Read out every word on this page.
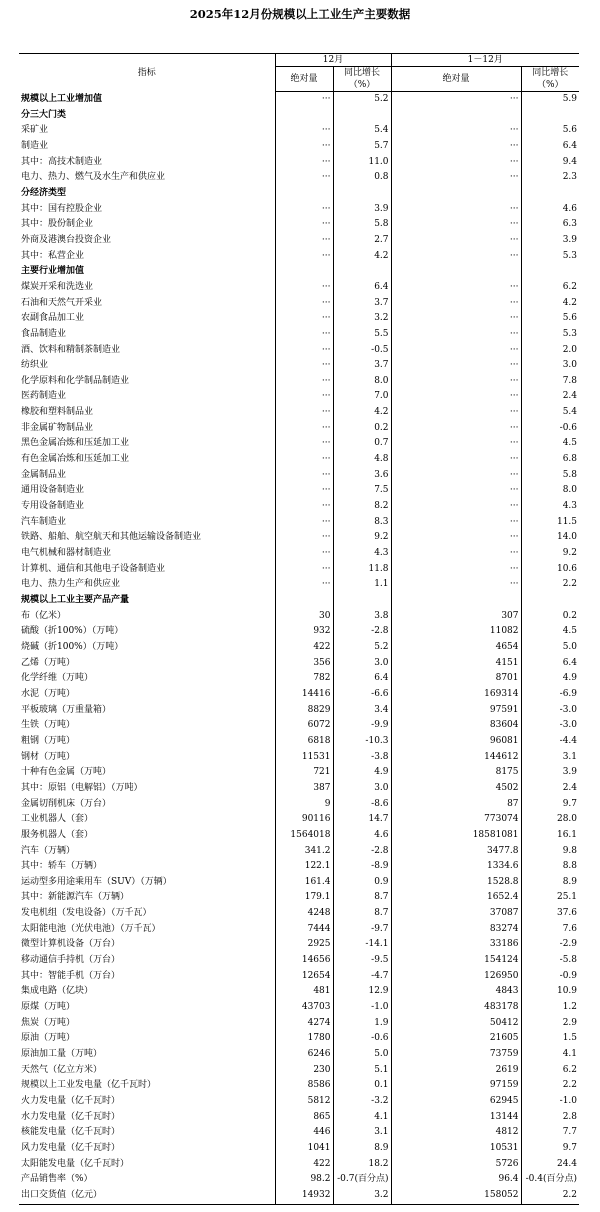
2025年12月份规模以上工业生产主要数据
指标	12月		1－12月	
	绝对量	同比增长（%）	绝对量	同比增长（%）
规模以上工业增加值	···	5.2	···	5.9
分三大门类				
采矿业	···	5.4	···	5.6
制造业	···	5.7	···	6.4
其中：高技术制造业	···	11.0	···	9.4
电力、热力、燃气及水生产和供应业	···	0.8	···	2.3
分经济类型				
其中：国有控股企业	···	3.9	···	4.6
其中：股份制企业	···	5.8	···	6.3
外商及港澳台投资企业	···	2.7	···	3.9
其中：私营企业	···	4.2	···	5.3
主要行业增加值				
煤炭开采和洗选业	···	6.4	···	6.2
石油和天然气开采业	···	3.7	···	4.2
农副食品加工业	···	3.2	···	5.6
食品制造业	···	5.5	···	5.3
酒、饮料和精制茶制造业	···	-0.5	···	2.0
纺织业	···	3.7	···	3.0
化学原料和化学制品制造业	···	8.0	···	7.8
医药制造业	···	7.0	···	2.4
橡胶和塑料制品业	···	4.2	···	5.4
非金属矿物制品业	···	0.2	···	-0.6
黑色金属冶炼和压延加工业	···	0.7	···	4.5
有色金属冶炼和压延加工业	···	4.8	···	6.8
金属制品业	···	3.6	···	5.8
通用设备制造业	···	7.5	···	8.0
专用设备制造业	···	8.2	···	4.3
汽车制造业	···	8.3	···	11.5
铁路、船舶、航空航天和其他运输设备制造业	···	9.2	···	14.0
电气机械和器材制造业	···	4.3	···	9.2
计算机、通信和其他电子设备制造业	···	11.8	···	10.6
电力、热力生产和供应业	···	1.1	···	2.2
规模以上工业主要产品产量				
布（亿米）	30	3.8	307	0.2
硫酸（折100%）（万吨）	932	-2.8	11082	4.5
烧碱（折100%）（万吨）	422	5.2	4654	5.0
乙烯（万吨）	356	3.0	4151	6.4
化学纤维（万吨）	782	6.4	8701	4.9
水泥（万吨）	14416	-6.6	169314	-6.9
平板玻璃（万重量箱）	8829	3.4	97591	-3.0
生铁（万吨）	6072	-9.9	83604	-3.0
粗钢（万吨）	6818	-10.3	96081	-4.4
钢材（万吨）	11531	-3.8	144612	3.1
十种有色金属（万吨）	721	4.9	8175	3.9
其中：原铝（电解铝）（万吨）	387	3.0	4502	2.4
金属切削机床（万台）	9	-8.6	87	9.7
工业机器人（套）	90116	14.7	773074	28.0
服务机器人（套）	1564018	4.6	18581081	16.1
汽车（万辆）	341.2	-2.8	3477.8	9.8
其中：轿车（万辆）	122.1	-8.9	1334.6	8.8
运动型多用途乘用车（SUV）（万辆）	161.4	0.9	1528.8	8.9
其中：新能源汽车（万辆）	179.1	8.7	1652.4	25.1
发电机组（发电设备）（万千瓦）	4248	8.7	37087	37.6
太阳能电池（光伏电池）（万千瓦）	7444	-9.7	83274	7.6
微型计算机设备（万台）	2925	-14.1	33186	-2.9
移动通信手持机（万台）	14656	-9.5	154124	-5.8
其中：智能手机（万台）	12654	-4.7	126950	-0.9
集成电路（亿块）	481	12.9	4843	10.9
原煤（万吨）	43703	-1.0	483178	1.2
焦炭（万吨）	4274	1.9	50412	2.9
原油（万吨）	1780	-0.6	21605	1.5
原油加工量（万吨）	6246	5.0	73759	4.1
天然气（亿立方米）	230	5.1	2619	6.2
规模以上工业发电量（亿千瓦时）	8586	0.1	97159	2.2
火力发电量（亿千瓦时）	5812	-3.2	62945	-1.0
水力发电量（亿千瓦时）	865	4.1	13144	2.8
核能发电量（亿千瓦时）	446	3.1	4812	7.7
风力发电量（亿千瓦时）	1041	8.9	10531	9.7
太阳能发电量（亿千瓦时）	422	18.2	5726	24.4
产品销售率（%）	98.2	-0.7(百分点)	96.4	-0.4(百分点)
出口交货值（亿元）	14932	3.2	158052	2.2
